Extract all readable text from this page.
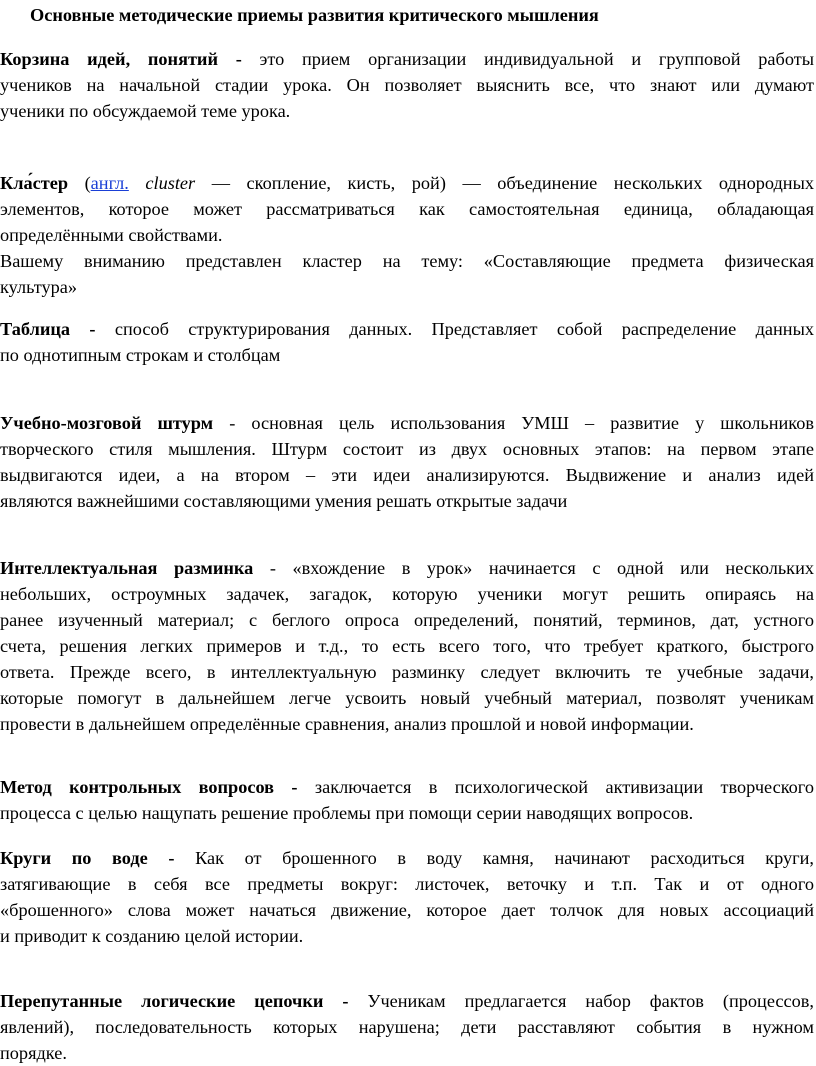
Основные методические приемы развития критического мышления
Корзина идей, понятий - это прием организации индивидуальной и групповой работы
учеников на начальной стадии урока. Он позволяет выяснить все, что знают или думают
ученики по обсуждаемой теме урока.
Кла́стер (англ. cluster — скопление, кисть, рой) — объединение нескольких однородных
элементов, которое может рассматриваться как самостоятельная единица, обладающая
определёнными свойствами.
Вашему вниманию представлен кластер на тему: «Составляющие предмета физическая
культура»
Таблица - способ структурирования данных. Представляет собой распределение данных
по однотипным строкам и столбцам
Учебно-мозговой штурм - основная цель использования УМШ – развитие у школьников
творческого стиля мышления. Штурм состоит из двух основных этапов: на первом этапе
выдвигаются идеи, а на втором – эти идеи анализируются. Выдвижение и анализ идей
являются важнейшими составляющими умения решать открытые задачи
Интеллектуальная разминка - «вхождение в урок» начинается с одной или нескольких
небольших, остроумных задачек, загадок, которую ученики могут решить опираясь на
ранее изученный материал; с беглого опроса определений, понятий, терминов, дат, устного
счета, решения легких примеров и т.д., то есть всего того, что требует краткого, быстрого
ответа. Прежде всего, в интеллектуальную разминку следует включить те учебные задачи,
которые помогут в дальнейшем легче усвоить новый учебный материал, позволят ученикам
провести в дальнейшем определённые сравнения, анализ прошлой и новой информации.
Метод контрольных вопросов - заключается в психологической активизации творческого
процесса с целью нащупать решение проблемы при помощи серии наводящих вопросов.
Круги по воде - Как от брошенного в воду камня, начинают расходиться круги,
затягивающие в себя все предметы вокруг: листочек, веточку и т.п. Так и от одного
«брошенного» слова может начаться движение, которое дает толчок для новых ассоциаций
и приводит к созданию целой истории.
Перепутанные логические цепочки - Ученикам предлагается набор фактов (процессов,
явлений), последовательность которых нарушена; дети расставляют события в нужном
порядке.
